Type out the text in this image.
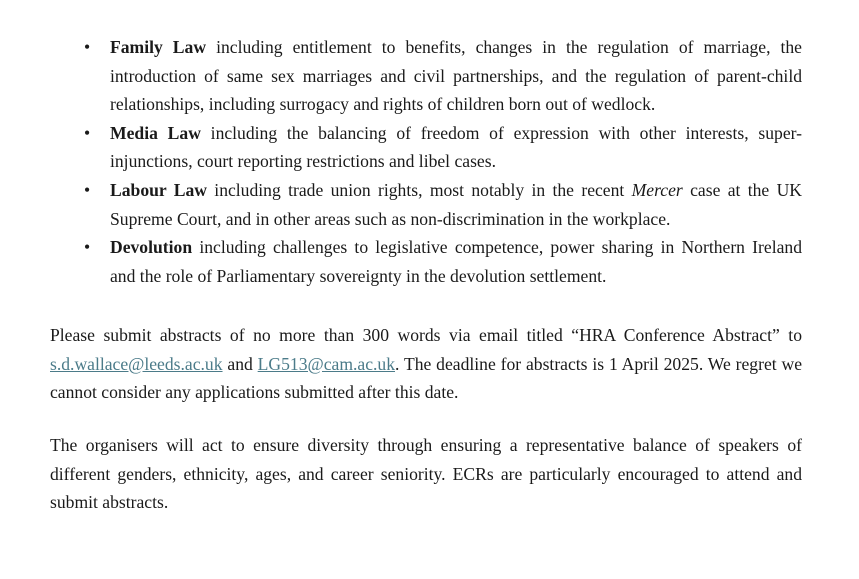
• Family Law including entitlement to benefits, changes in the regulation of marriage, the introduction of same sex marriages and civil partnerships, and the regulation of parent-child relationships, including surrogacy and rights of children born out of wedlock.
• Media Law including the balancing of freedom of expression with other interests, super-injunctions, court reporting restrictions and libel cases.
• Labour Law including trade union rights, most notably in the recent Mercer case at the UK Supreme Court, and in other areas such as non-discrimination in the workplace.
• Devolution including challenges to legislative competence, power sharing in Northern Ireland and the role of Parliamentary sovereignty in the devolution settlement.

Please submit abstracts of no more than 300 words via email titled “HRA Conference Abstract” to s.d.wallace@leeds.ac.uk and LG513@cam.ac.uk. The deadline for abstracts is 1 April 2025. We regret we cannot consider any applications submitted after this date.

The organisers will act to ensure diversity through ensuring a representative balance of speakers of different genders, ethnicity, ages, and career seniority. ECRs are particularly encouraged to attend and submit abstracts.
